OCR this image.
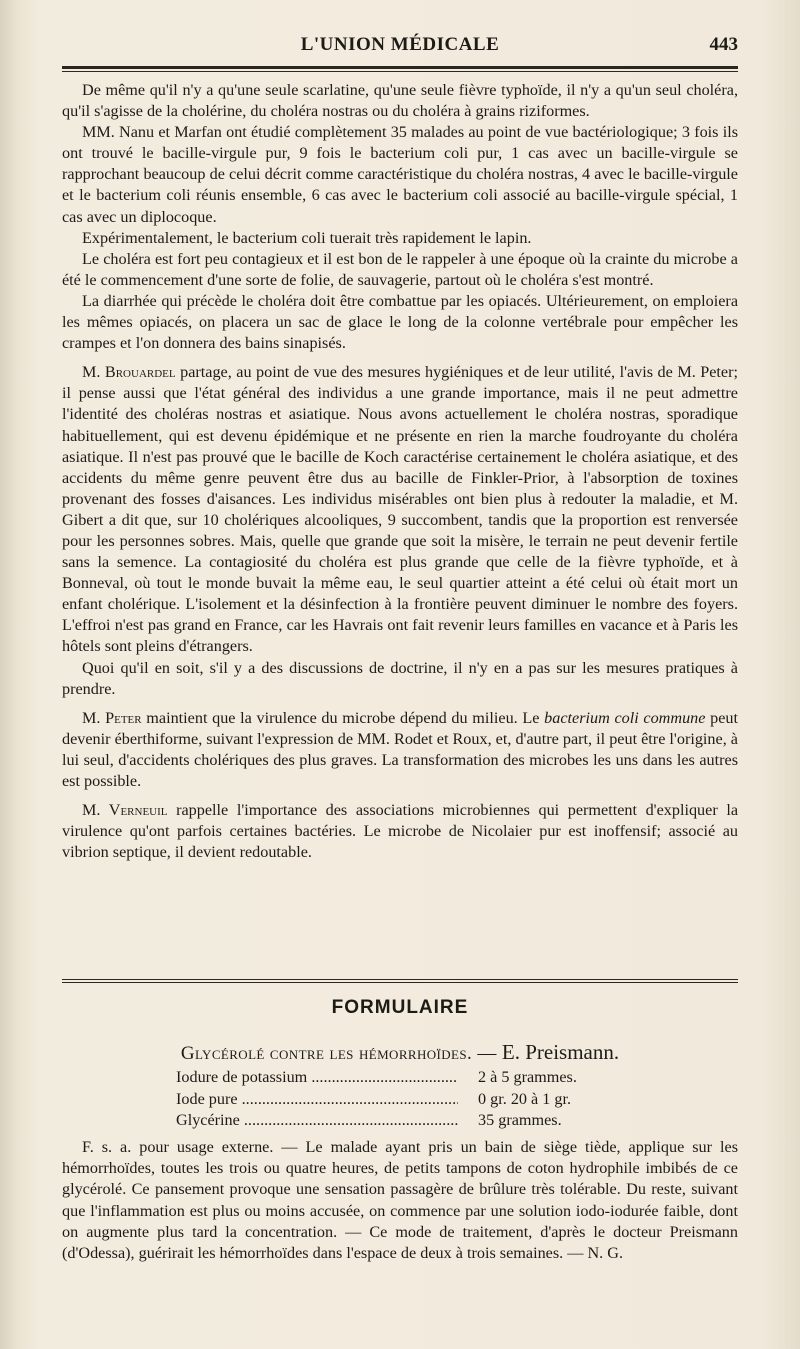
L'UNION MÉDICALE	443

De même qu'il n'y a qu'une seule scarlatine, qu'une seule fièvre typhoïde, il n'y a qu'un seul choléra, qu'il s'agisse de la cholérine, du choléra nostras ou du choléra à grains riziformes.

MM. Nanu et Marfan ont étudié complètement 35 malades au point de vue bactériologique; 3 fois ils ont trouvé le bacille-virgule pur, 9 fois le bacterium coli pur, 1 cas avec un bacille-virgule se rapprochant beaucoup de celui décrit comme caractéristique du choléra nostras, 4 avec le bacille-virgule et le bacterium coli réunis ensemble, 6 cas avec le bacterium coli associé au bacille-virgule spécial, 1 cas avec un diplocoque.

Expérimentalement, le bacterium coli tuerait très rapidement le lapin.

Le choléra est fort peu contagieux et il est bon de le rappeler à une époque où la crainte du microbe a été le commencement d'une sorte de folie, de sauvagerie, partout où le choléra s'est montré.

La diarrhée qui précède le choléra doit être combattue par les opiacés. Ultérieurement, on emploiera les mêmes opiacés, on placera un sac de glace le long de la colonne vertébrale pour empêcher les crampes et l'on donnera des bains sinapisés.

M. Brouardel partage, au point de vue des mesures hygiéniques et de leur utilité, l'avis de M. Peter; il pense aussi que l'état général des individus a une grande importance, mais il ne peut admettre l'identité des choléras nostras et asiatique. Nous avons actuellement le choléra nostras, sporadique habituellement, qui est devenu épidémique et ne présente en rien la marche foudroyante du choléra asiatique. Il n'est pas prouvé que le bacille de Koch caractérise certainement le choléra asiatique, et des accidents du même genre peuvent être dus au bacille de Finkler-Prior, à l'absorption de toxines provenant des fosses d'aisances. Les individus misérables ont bien plus à redouter la maladie, et M. Gibert a dit que, sur 10 cholériques alcooliques, 9 succombent, tandis que la proportion est renversée pour les personnes sobres. Mais, quelle que grande que soit la misère, le terrain ne peut devenir fertile sans la semence. La contagiosité du choléra est plus grande que celle de la fièvre typhoïde, et à Bonneval, où tout le monde buvait la même eau, le seul quartier atteint a été celui où était mort un enfant cholérique. L'isolement et la désinfection à la frontière peuvent diminuer le nombre des foyers. L'effroi n'est pas grand en France, car les Havrais ont fait revenir leurs familles en vacance et à Paris les hôtels sont pleins d'étrangers.

Quoi qu'il en soit, s'il y a des discussions de doctrine, il n'y en a pas sur les mesures pratiques à prendre.

M. Peter maintient que la virulence du microbe dépend du milieu. Le bacterium coli commune peut devenir éberthiforme, suivant l'expression de MM. Rodet et Roux, et, d'autre part, il peut être l'origine, à lui seul, d'accidents cholériques des plus graves. La transformation des microbes les uns dans les autres est possible.

M. Verneuil rappelle l'importance des associations microbiennes qui permettent d'expliquer la virulence qu'ont parfois certaines bactéries. Le microbe de Nicolaier pur est inoffensif; associé au vibrion septique, il devient redoutable.

FORMULAIRE
Glycérolé contre les hémorrhoïdes. — E. Preismann.
Iodure de potassium .....	2 à 5 grammes.
Iode pure .....	0 gr. 20 à 1 gr.
Glycérine .....	35 grammes.

F. s. a. pour usage externe. — Le malade ayant pris un bain de siège tiède, applique sur les hémorrhoïdes, toutes les trois ou quatre heures, de petits tampons de coton hydrophile imbibés de ce glycérolé. Ce pansement provoque une sensation passagère de brûlure très tolérable. Du reste, suivant que l'inflammation est plus ou moins accusée, on commence par une solution iodo-iodurée faible, dont on augmente plus tard la concentration. — Ce mode de traitement, d'après le docteur Preismann (d'Odessa), guérirait les hémorrhoïdes dans l'espace de deux à trois semaines. — N. G.
